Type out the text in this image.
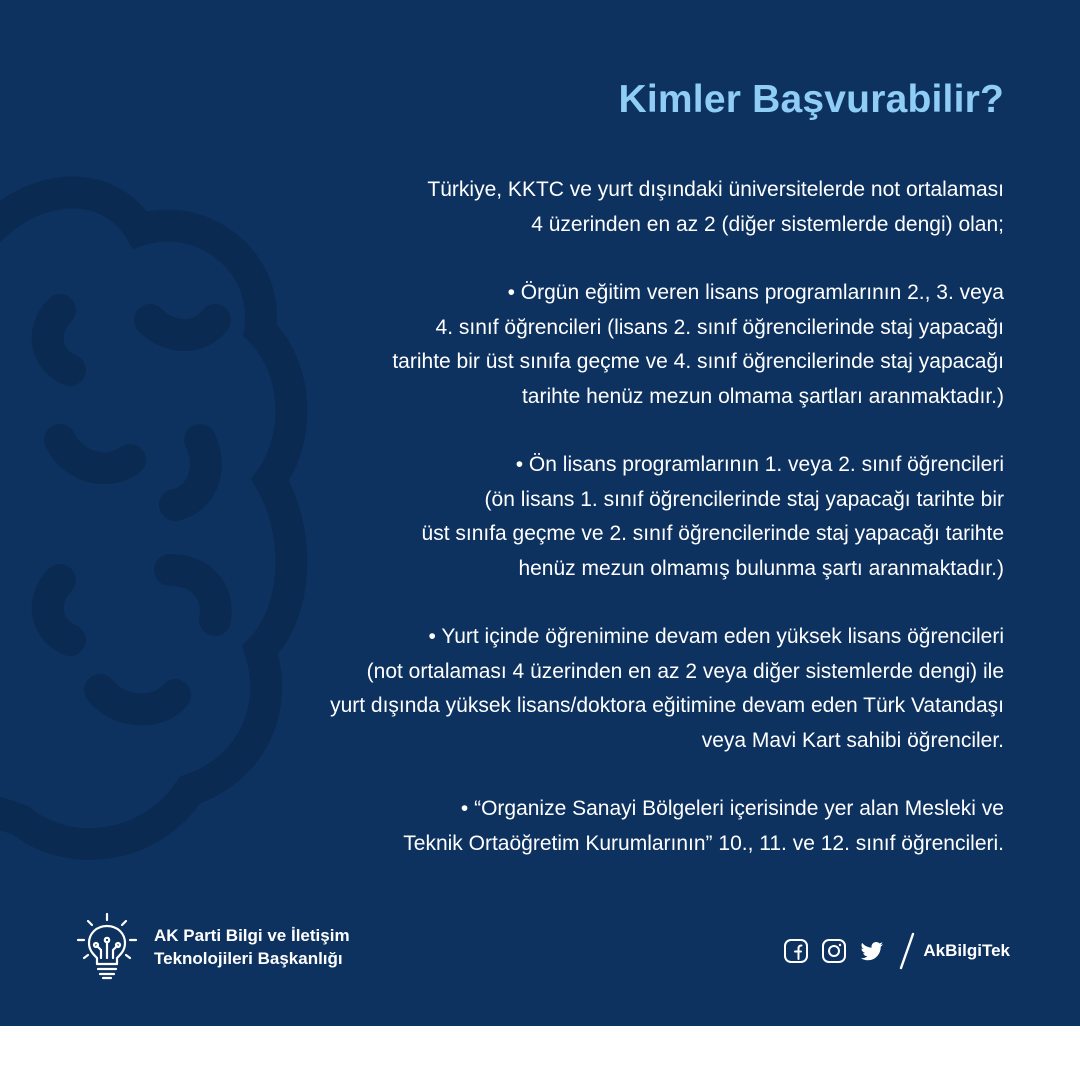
Kimler Başvurabilir?

Türkiye, KKTC ve yurt dışındaki üniversitelerde not ortalaması
4 üzerinden en az 2 (diğer sistemlerde dengi) olan;

• Örgün eğitim veren lisans programlarının 2., 3. veya
4. sınıf öğrencileri (lisans 2. sınıf öğrencilerinde staj yapacağı
tarihte bir üst sınıfa geçme ve 4. sınıf öğrencilerinde staj yapacağı
tarihte henüz mezun olmama şartları aranmaktadır.)

• Ön lisans programlarının 1. veya 2. sınıf öğrencileri
(ön lisans 1. sınıf öğrencilerinde staj yapacağı tarihte bir
üst sınıfa geçme ve 2. sınıf öğrencilerinde staj yapacağı tarihte
henüz mezun olmamış bulunma şartı aranmaktadır.)

• Yurt içinde öğrenimine devam eden yüksek lisans öğrencileri
(not ortalaması 4 üzerinden en az 2 veya diğer sistemlerde dengi) ile
yurt dışında yüksek lisans/doktora eğitimine devam eden Türk Vatandaşı
veya Mavi Kart sahibi öğrenciler.

• “Organize Sanayi Bölgeleri içerisinde yer alan Mesleki ve
Teknik Ortaöğretim Kurumlarının” 10., 11. ve 12. sınıf öğrencileri.

AK Parti Bilgi ve İletişim
Teknolojileri Başkanlığı	AkBilgiTek
